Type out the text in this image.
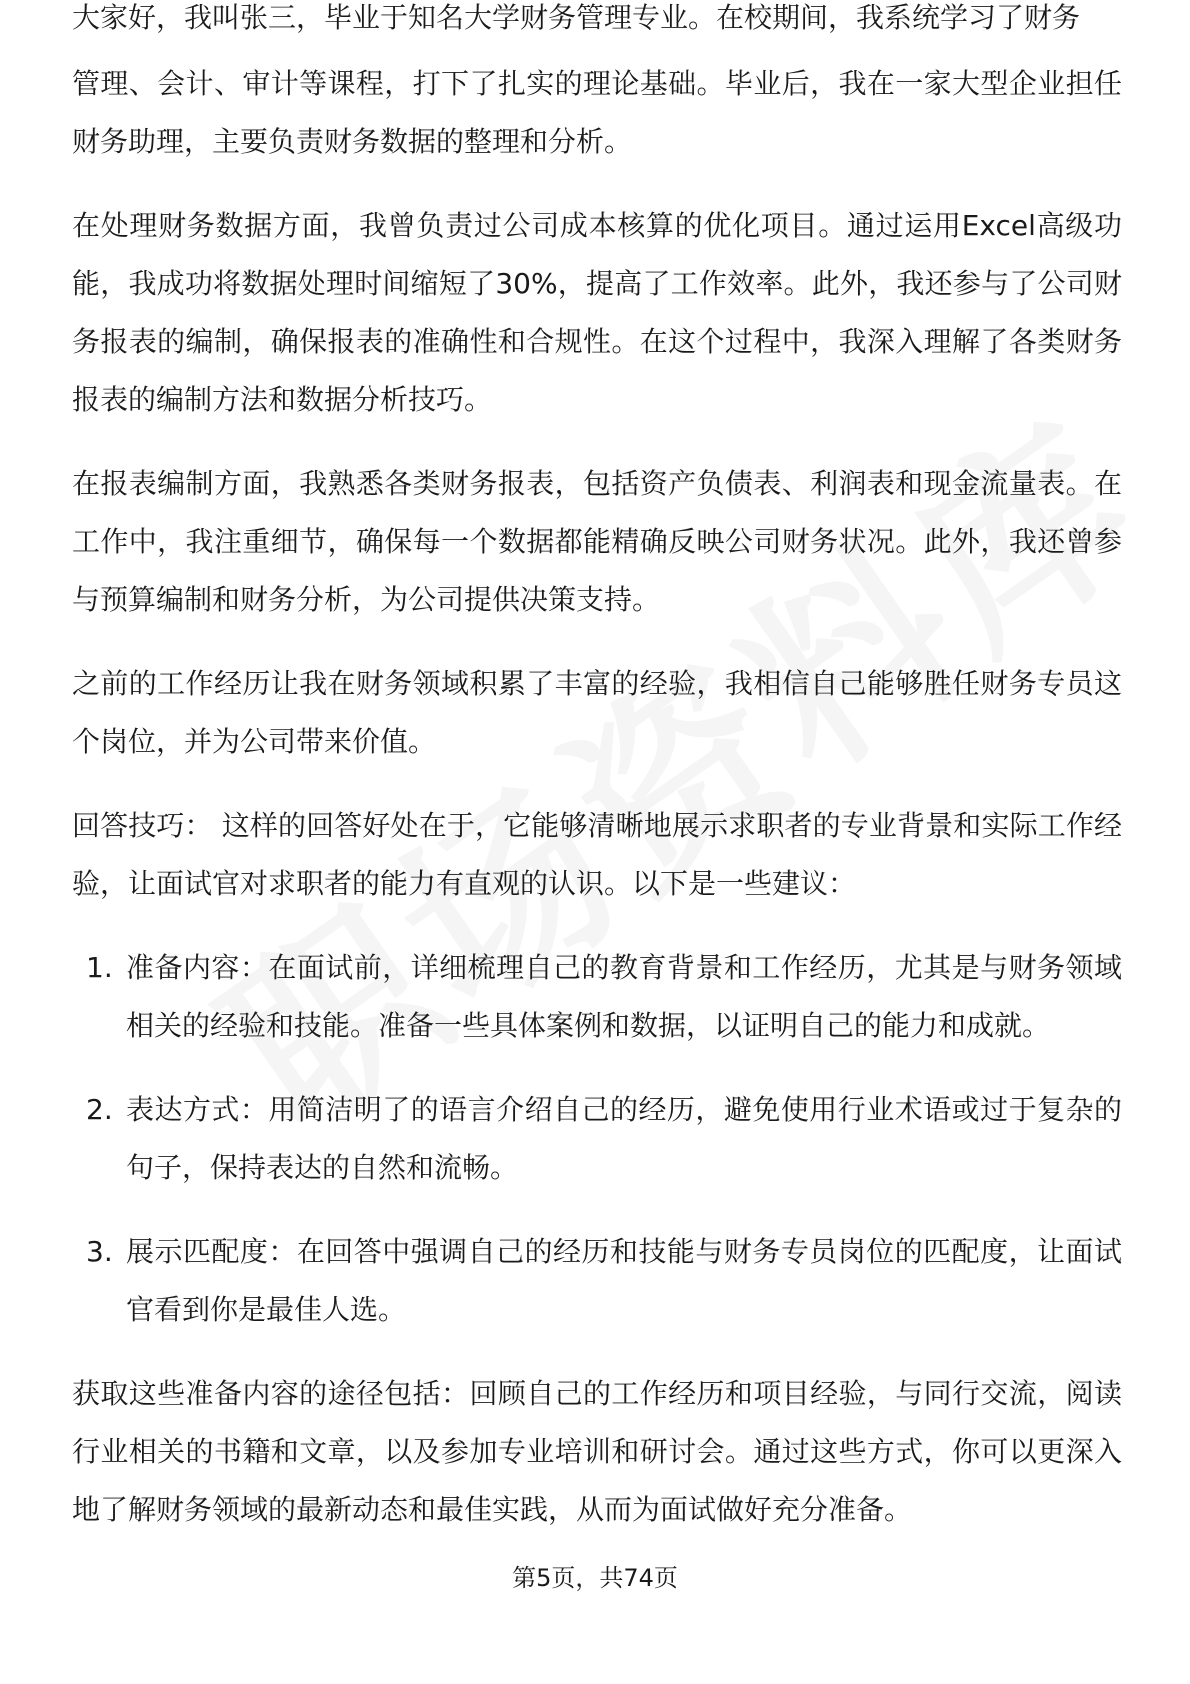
大家好，我叫张三，毕业于知名大学财务管理专业。在校期间，我系统学习了财务

管理、会计、审计等课程，打下了扎实的理论基础。毕业后，我在一家大型企业担任财务助理，主要负责财务数据的整理和分析。

在处理财务数据方面，我曾负责过公司成本核算的优化项目。通过运用Excel高级功能，我成功将数据处理时间缩短了30%，提高了工作效率。此外，我还参与了公司财务报表的编制，确保报表的准确性和合规性。在这个过程中，我深入理解了各类财务报表的编制方法和数据分析技巧。

在报表编制方面，我熟悉各类财务报表，包括资产负债表、利润表和现金流量表。在工作中，我注重细节，确保每一个数据都能精确反映公司财务状况。此外，我还曾参与预算编制和财务分析，为公司提供决策支持。

之前的工作经历让我在财务领域积累了丰富的经验，我相信自己能够胜任财务专员这个岗位，并为公司带来价值。

回答技巧： 这样的回答好处在于，它能够清晰地展示求职者的专业背景和实际工作经验，让面试官对求职者的能力有直观的认识。以下是一些建议：

1. 准备内容：在面试前，详细梳理自己的教育背景和工作经历，尤其是与财务领域相关的经验和技能。准备一些具体案例和数据，以证明自己的能力和成就。
2. 表达方式：用简洁明了的语言介绍自己的经历，避免使用行业术语或过于复杂的句子，保持表达的自然和流畅。
3. 展示匹配度：在回答中强调自己的经历和技能与财务专员岗位的匹配度，让面试官看到你是最佳人选。

获取这些准备内容的途径包括：回顾自己的工作经历和项目经验，与同行交流，阅读行业相关的书籍和文章，以及参加专业培训和研讨会。通过这些方式，你可以更深入地了解财务领域的最新动态和最佳实践，从而为面试做好充分准备。

第5页，共74页
